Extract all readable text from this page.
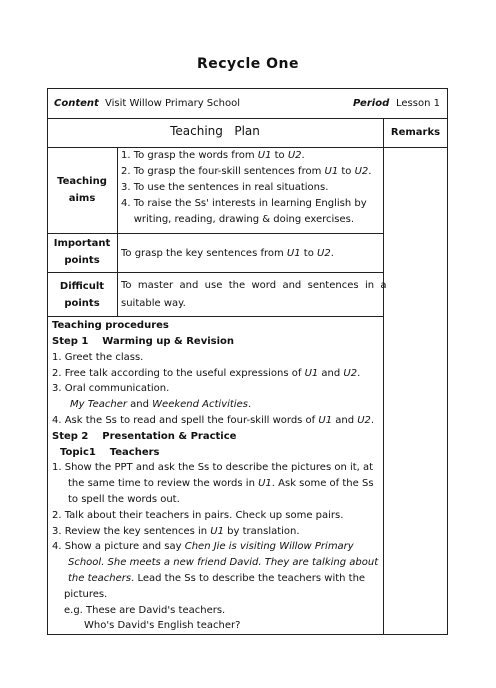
Recycle One
Content Visit Willow Primary School	Period Lesson 1
Teaching   Plan	Remarks
Teaching
aims
1. To grasp the words from U1 to U2.
2. To grasp the four-skill sentences from U1 to U2.
3. To use the sentences in real situations.
4. To raise the Ss' interests in learning English by
writing, reading, drawing & doing exercises.
Important
points
To grasp the key sentences from U1 to U2.
Difficult
points
To  master  and  use  the  word  and  sentences  in  a
suitable way.
Teaching procedures
Step 1    Warming up & Revision
1. Greet the class.
2. Free talk according to the useful expressions of U1 and U2.
3. Oral communication.
My Teacher and Weekend Activities.
4. Ask the Ss to read and spell the four-skill words of U1 and U2.
Step 2    Presentation & Practice
Topic1    Teachers
1. Show the PPT and ask the Ss to describe the pictures on it, at
the same time to review the words in U1. Ask some of the Ss
to spell the words out.
2. Talk about their teachers in pairs. Check up some pairs.
3. Review the key sentences in U1 by translation.
4. Show a picture and say Chen Jie is visiting Willow Primary
School. She meets a new friend David. They are talking about
the teachers. Lead the Ss to describe the teachers with the
pictures.
e.g. These are David's teachers.
Who's David's English teacher?
